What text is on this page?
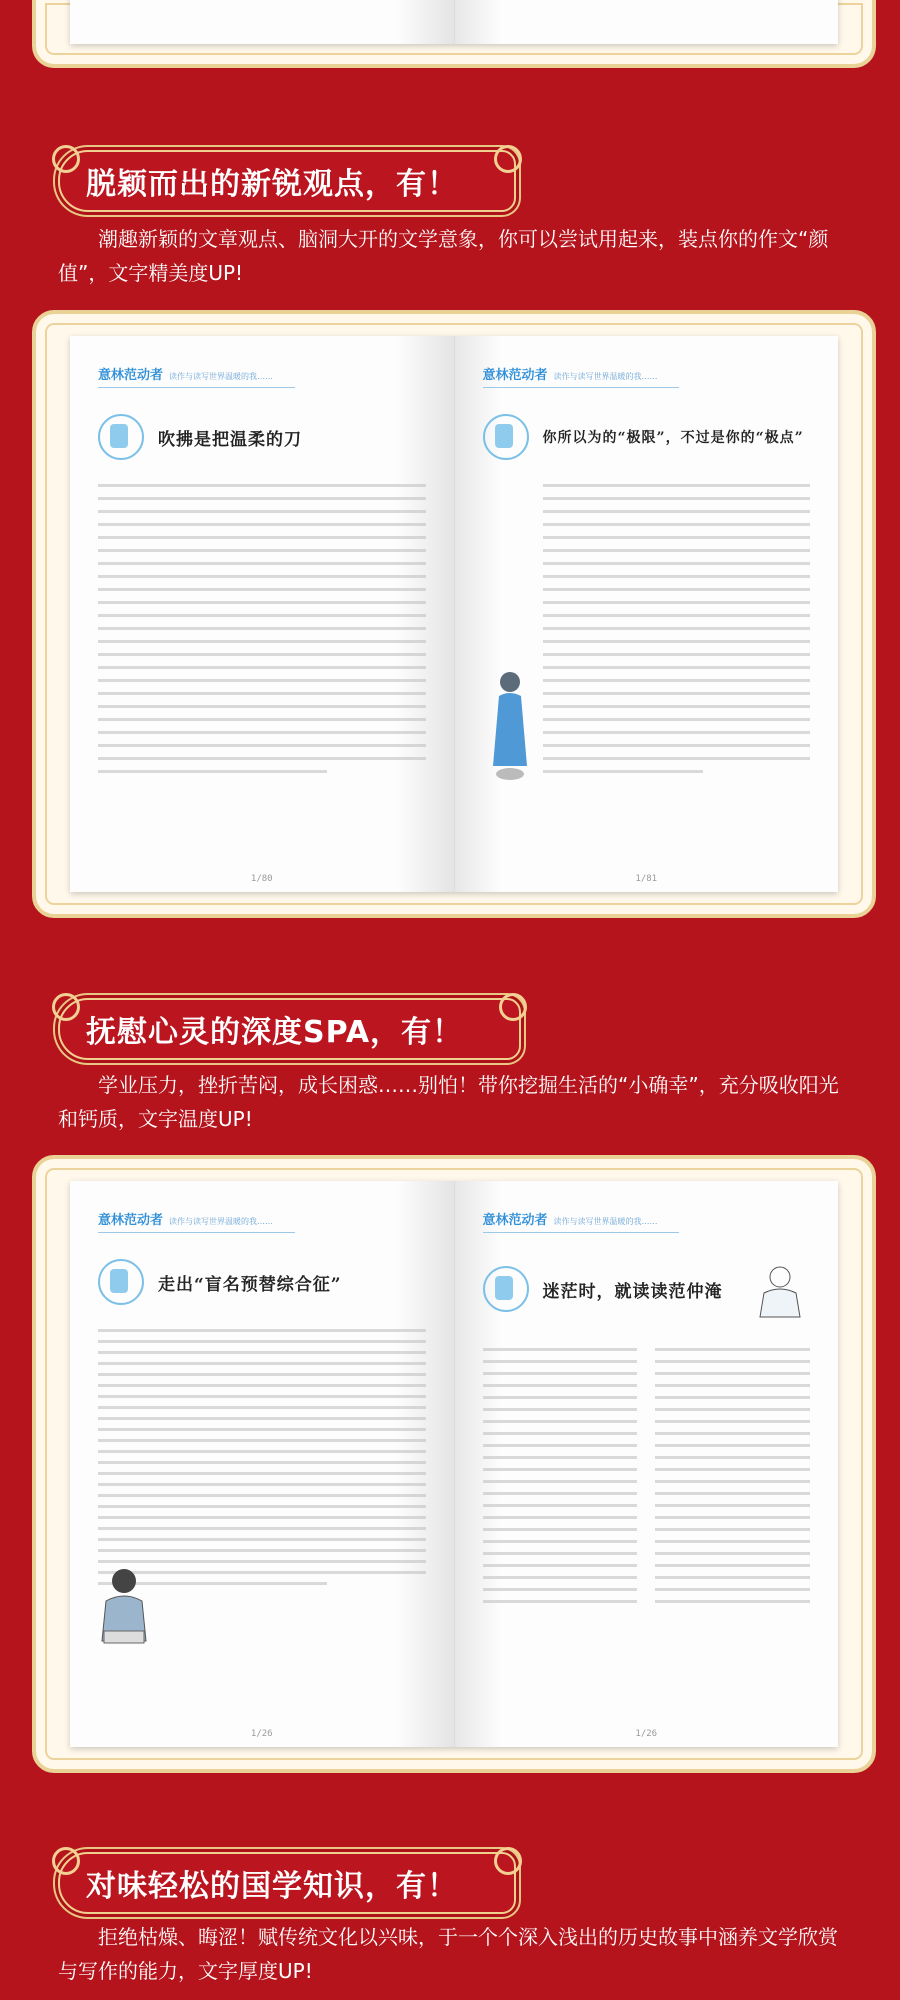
脱颖而出的新锐观点，有！
潮趣新颖的文章观点、脑洞大开的文学意象，你可以尝试用起来，装点你的作文“颜值”，文字精美度UP!
意林范动者 读作与读写世界温暖的我……
吹拂是把温柔的刀
1/80
意林范动者 读作与读写世界温暖的我……
你所以为的“极限”，不过是你的“极点”
1/81
抚慰心灵的深度SPA，有！
学业压力，挫折苦闷，成长困惑……别怕！带你挖掘生活的“小确幸”，充分吸收阳光和钙质，文字温度UP!
意林范动者 读作与读写世界温暖的我……
走出“盲名预替综合征”
1/26
意林范动者 读作与读写世界温暖的我……
迷茫时，就读读范仲淹
1/26
对味轻松的国学知识，有！
拒绝枯燥、晦涩！赋传统文化以兴味，于一个个深入浅出的历史故事中涵养文学欣赏与写作的能力，文字厚度UP!
